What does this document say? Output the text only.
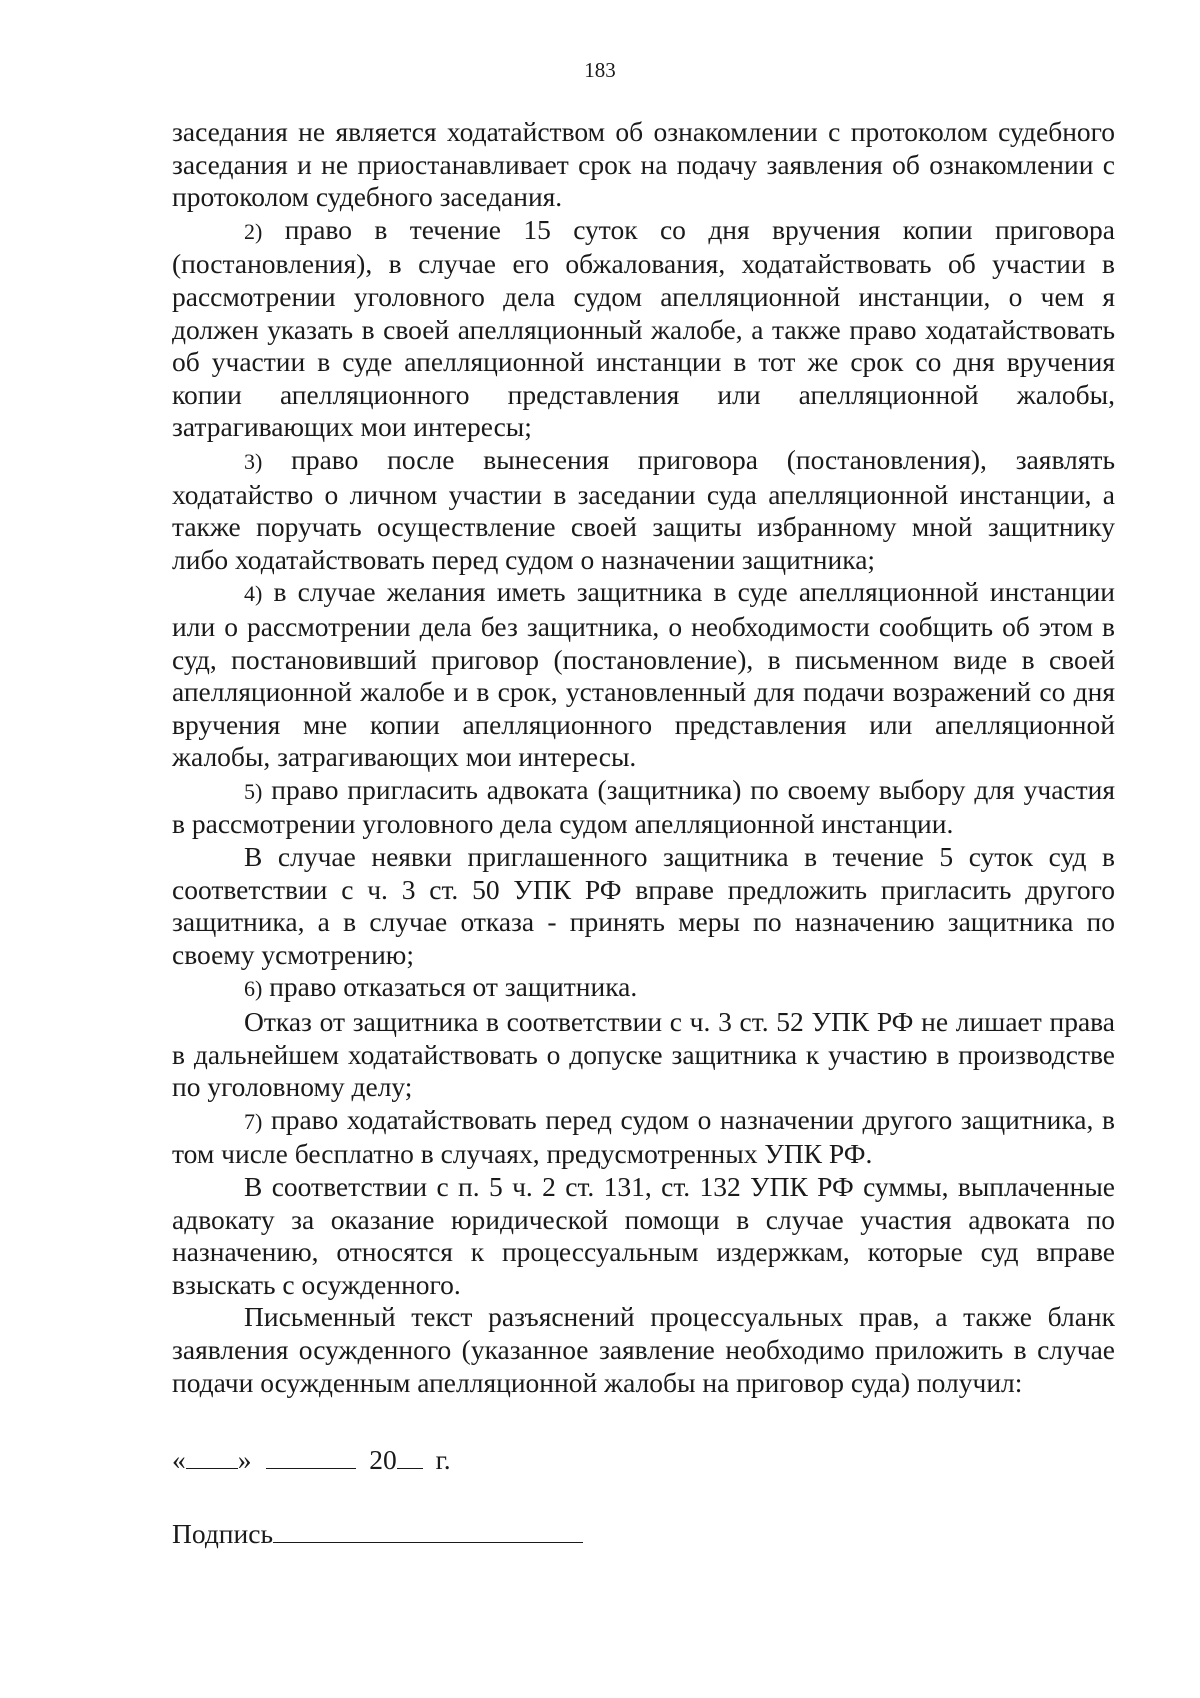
183

заседания не является ходатайством об ознакомлении с протоколом судебного заседания и не приостанавливает срок на подачу заявления об ознакомлении с протоколом судебного заседания.

2) право в течение 15 суток со дня вручения копии приговора (постановления), в случае его обжалования, ходатайствовать об участии в рассмотрении уголовного дела судом апелляционной инстанции, о чем я должен указать в своей апелляционный жалобе, а также право ходатайствовать об участии в суде апелляционной инстанции в тот же срок со дня вручения копии апелляционного представления или апелляционной жалобы, затрагивающих мои интересы;

3) право после вынесения приговора (постановления), заявлять ходатайство о личном участии в заседании суда апелляционной инстанции, а также поручать осуществление своей защиты избранному мной защитнику либо ходатайствовать перед судом о назначении защитника;

4) в случае желания иметь защитника в суде апелляционной инстанции или о рассмотрении дела без защитника, о необходимости сообщить об этом в суд, постановивший приговор (постановление), в письменном виде в своей апелляционной жалобе и в срок, установленный для подачи возражений со дня вручения мне копии апелляционного представления или апелляционной жалобы, затрагивающих мои интересы.

5) право пригласить адвоката (защитника) по своему выбору для участия в рассмотрении уголовного дела судом апелляционной инстанции.

В случае неявки приглашенного защитника в течение 5 суток суд в соответствии с ч. 3 ст. 50 УПК РФ вправе предложить пригласить другого защитника, а в случае отказа - принять меры по назначению защитника по своему усмотрению;

6) право отказаться от защитника.

Отказ от защитника в соответствии с ч. 3 ст. 52 УПК РФ не лишает права в дальнейшем ходатайствовать о допуске защитника к участию в производстве по уголовному делу;

7) право ходатайствовать перед судом о назначении другого защитника, в том числе бесплатно в случаях, предусмотренных УПК РФ.

В соответствии с п. 5 ч. 2 ст. 131, ст. 132 УПК РФ суммы, выплаченные адвокату за оказание юридической помощи в случае участия адвоката по назначению, относятся к процессуальным издержкам, которые суд вправе взыскать с осужденного.

Письменный текст разъяснений процессуальных прав, а также бланк заявления осужденного (указанное заявление необходимо приложить в случае подачи осужденным апелляционной жалобы на приговор суда) получил:

« »	20 г.
Подпись
